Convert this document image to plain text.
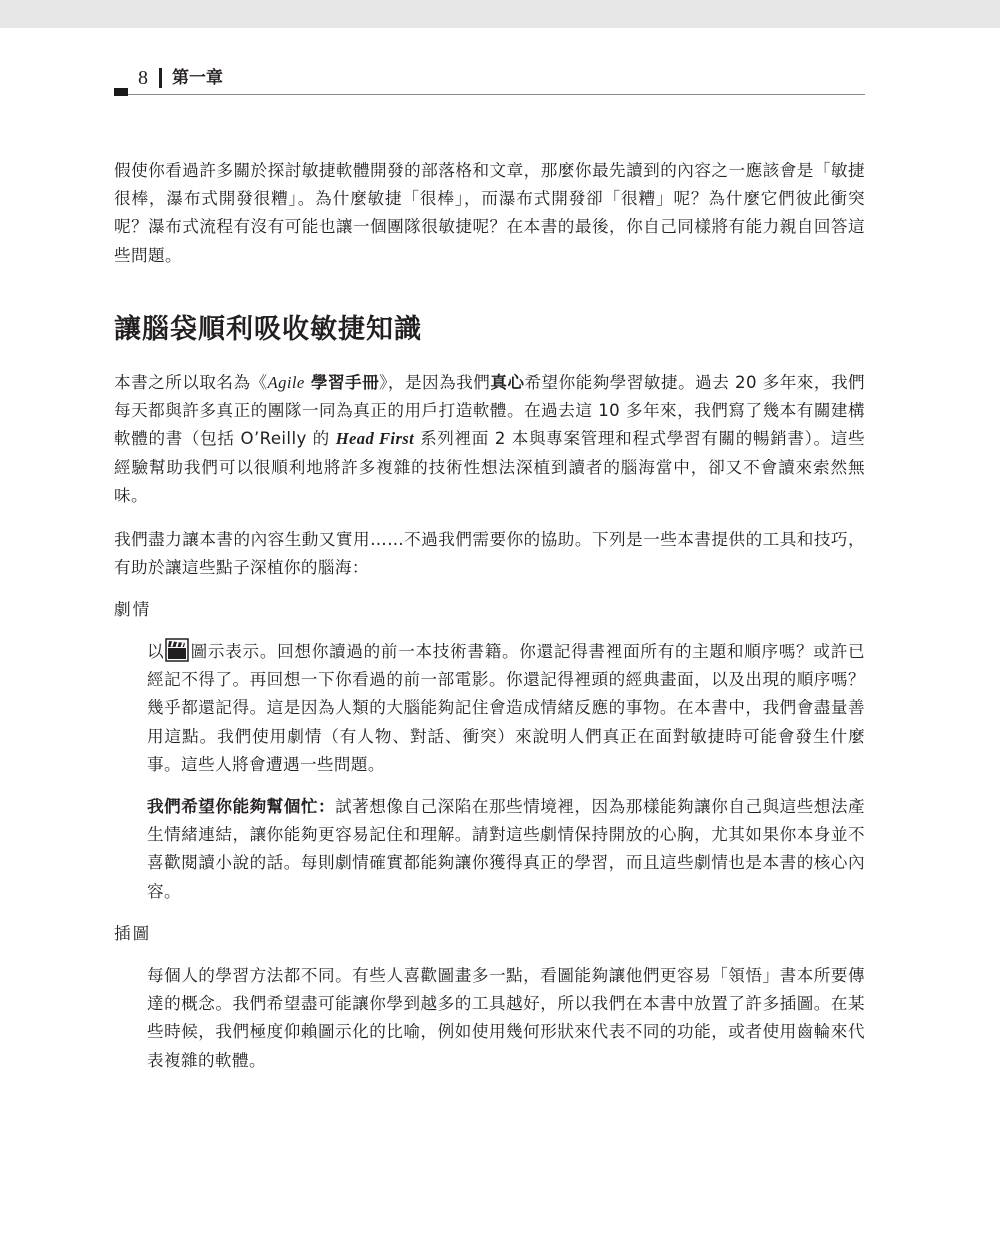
8 第一章

假使你看過許多關於探討敏捷軟體開發的部落格和文章，那麼你最先讀到的內容之一應該會是「敏捷很棒，瀑布式開發很糟」。為什麼敏捷「很棒」，而瀑布式開發卻「很糟」呢？為什麼它們彼此衝突呢？瀑布式流程有沒有可能也讓一個團隊很敏捷呢？在本書的最後，你自己同樣將有能力親自回答這些問題。

讓腦袋順利吸收敏捷知識

本書之所以取名為《Agile 學習手冊》，是因為我們真心希望你能夠學習敏捷。過去 20 多年來，我們每天都與許多真正的團隊一同為真正的用戶打造軟體。在過去這 10 多年來，我們寫了幾本有關建構軟體的書（包括 O’Reilly 的 Head First 系列裡面 2 本與專案管理和程式學習有關的暢銷書）。這些經驗幫助我們可以很順利地將許多複雜的技術性想法深植到讀者的腦海當中，卻又不會讀來索然無味。

我們盡力讓本書的內容生動又實用……不過我們需要你的協助。下列是一些本書提供的工具和技巧，有助於讓這些點子深植你的腦海：

劇情

以 圖示表示。回想你讀過的前一本技術書籍。你還記得書裡面所有的主題和順序嗎？或許已經記不得了。再回想一下你看過的前一部電影。你還記得裡頭的經典畫面，以及出現的順序嗎？幾乎都還記得。這是因為人類的大腦能夠記住會造成情緒反應的事物。在本書中，我們會盡量善用這點。我們使用劇情（有人物、對話、衝突）來說明人們真正在面對敏捷時可能會發生什麼事。這些人將會遭遇一些問題。

我們希望你能夠幫個忙：試著想像自己深陷在那些情境裡，因為那樣能夠讓你自己與這些想法產生情緒連結，讓你能夠更容易記住和理解。請對這些劇情保持開放的心胸，尤其如果你本身並不喜歡閱讀小說的話。每則劇情確實都能夠讓你獲得真正的學習，而且這些劇情也是本書的核心內容。

插圖

每個人的學習方法都不同。有些人喜歡圖畫多一點，看圖能夠讓他們更容易「領悟」書本所要傳達的概念。我們希望盡可能讓你學到越多的工具越好，所以我們在本書中放置了許多插圖。在某些時候，我們極度仰賴圖示化的比喻，例如使用幾何形狀來代表不同的功能，或者使用齒輪來代表複雜的軟體。
